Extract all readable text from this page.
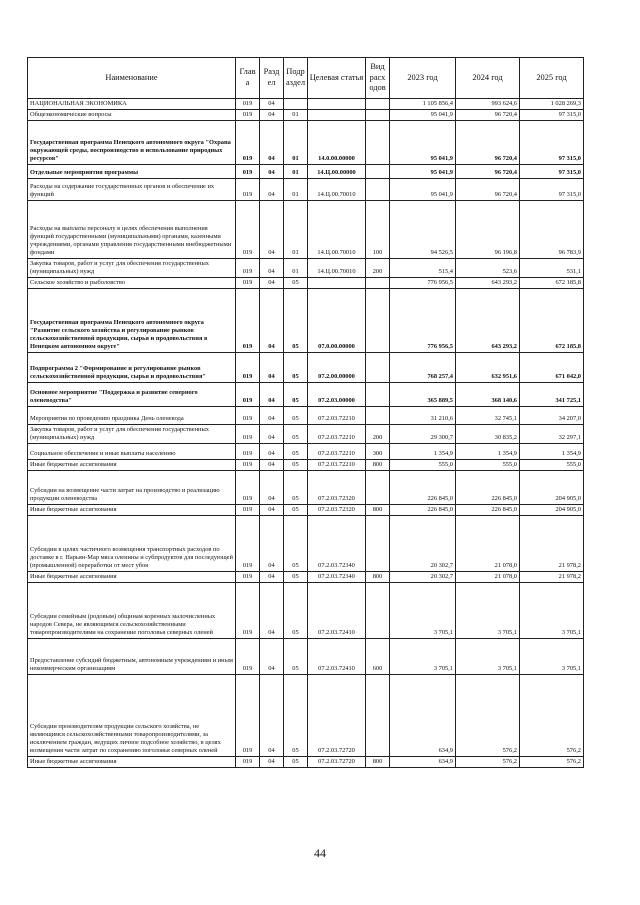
Наименование	Глав а	Разд ел	Подр аздел	Целевая статья	Вид расх одов	2023 год	2024 год	2025 год
НАЦИОНАЛЬНАЯ ЭКОНОМИКА	019	04				1 105 856,4	993 624,6	1 028 269,3
Общеэкономические вопросы	019	04	01			95 041,9	96 720,4	97 315,0
Государственная программа Ненецкого автономного округа "Охрана окружающей среды, воспроизводство и использование природных ресурсов"	019	04	01	14.0.00.00000		95 041,9	96 720,4	97 315,0
Отдельные мероприятия программы	019	04	01	14.Ц.00.00000		95 041,9	96 720,4	97 315,0
Расходы на содержание государственных органов и обеспечение их функций	019	04	01	14.Ц.00.70010		95 041,9	96 720,4	97 315,0
Расходы на выплаты персоналу в целях обеспечения выполнения функций государственными (муниципальными) органами, казенными учреждениями, органами управления государственными внебюджетными фондами	019	04	01	14.Ц.00.70010	100	94 526,5	96 196,8	96 783,9
Закупка товаров, работ и услуг для обеспечения государственных (муниципальных) нужд	019	04	01	14.Ц.00.70010	200	515,4	523,6	531,1
Сельское хозяйство и рыболовство	019	04	05			776 956,5	643 293,2	672 185,8
Государственная программа Ненецкого автономного округа "Развитие сельского хозяйства и регулирование рынков сельскохозяйственной продукции, сырья и продовольствия в Ненецком автономном округе"	019	04	05	07.0.00.00000		776 956,5	643 293,2	672 185,8
Подпрограмма 2 "Формирование и регулирование рынков сельскохозяйственной продукции, сырья и продовольствия"	019	04	05	07.2.00.00000		768 257,4	632 951,6	671 042,0
Основное мероприятие "Поддержка и развитие северного оленеводства"	019	04	05	07.2.03.00000		365 889,5	368 140,6	341 725,1
Мероприятия по проведению праздника День оленевода	019	04	05	07.2.03.72210		31 210,6	32 745,1	34 207,0
Закупка товаров, работ и услуг для обеспечения государственных (муниципальных) нужд	019	04	05	07.2.03.72210	200	29 300,7	30 835,2	32 297,1
Социальное обеспечение и иные выплаты населению	019	04	05	07.2.03.72210	300	1 354,9	1 354,9	1 354,9
Иные бюджетные ассигнования	019	04	05	07.2.03.72210	800	555,0	555,0	555,0
Субсидии на возмещение части затрат на производство и реализацию продукции оленеводства	019	04	05	07.2.03.72320		226 845,0	226 845,0	204 905,0
Иные бюджетные ассигнования	019	04	05	07.2.03.72320	800	226 845,0	226 845,0	204 905,0
Субсидии в целях частичного возмещения транспортных расходов по доставке в г. Нарьян-Мар мяса оленины и субпродуктов для последующей (промышленной) переработки от мест убоя	019	04	05	07.2.03.72340		20 302,7	21 078,0	21 978,2
Иные бюджетные ассигнования	019	04	05	07.2.03.72340	800	20 302,7	21 078,0	21 978,2
Субсидии семейным (родовым) общинам коренных малочисленных народов Севера, не являющимся сельскохозяйственными товаропроизводителями на сохранение поголовья северных оленей	019	04	05	07.2.03.72410		3 705,1	3 705,1	3 705,1
Предоставление субсидий бюджетным, автономным учреждениям и иным некоммерческим организациям	019	04	05	07.2.03.72410	600	3 705,1	3 705,1	3 705,1
Субсидии производителям продукции сельского хозяйства, не являющимся сельскохозяйственными товаропроизводителями, за исключением граждан, ведущих личное подсобное хозяйство, в целях возмещения части затрат по сохранению поголовья северных оленей	019	04	05	07.2.03.72720		634,9	576,2	576,2
Иные бюджетные ассигнования	019	04	05	07.2.03.72720	800	634,9	576,2	576,2
44
